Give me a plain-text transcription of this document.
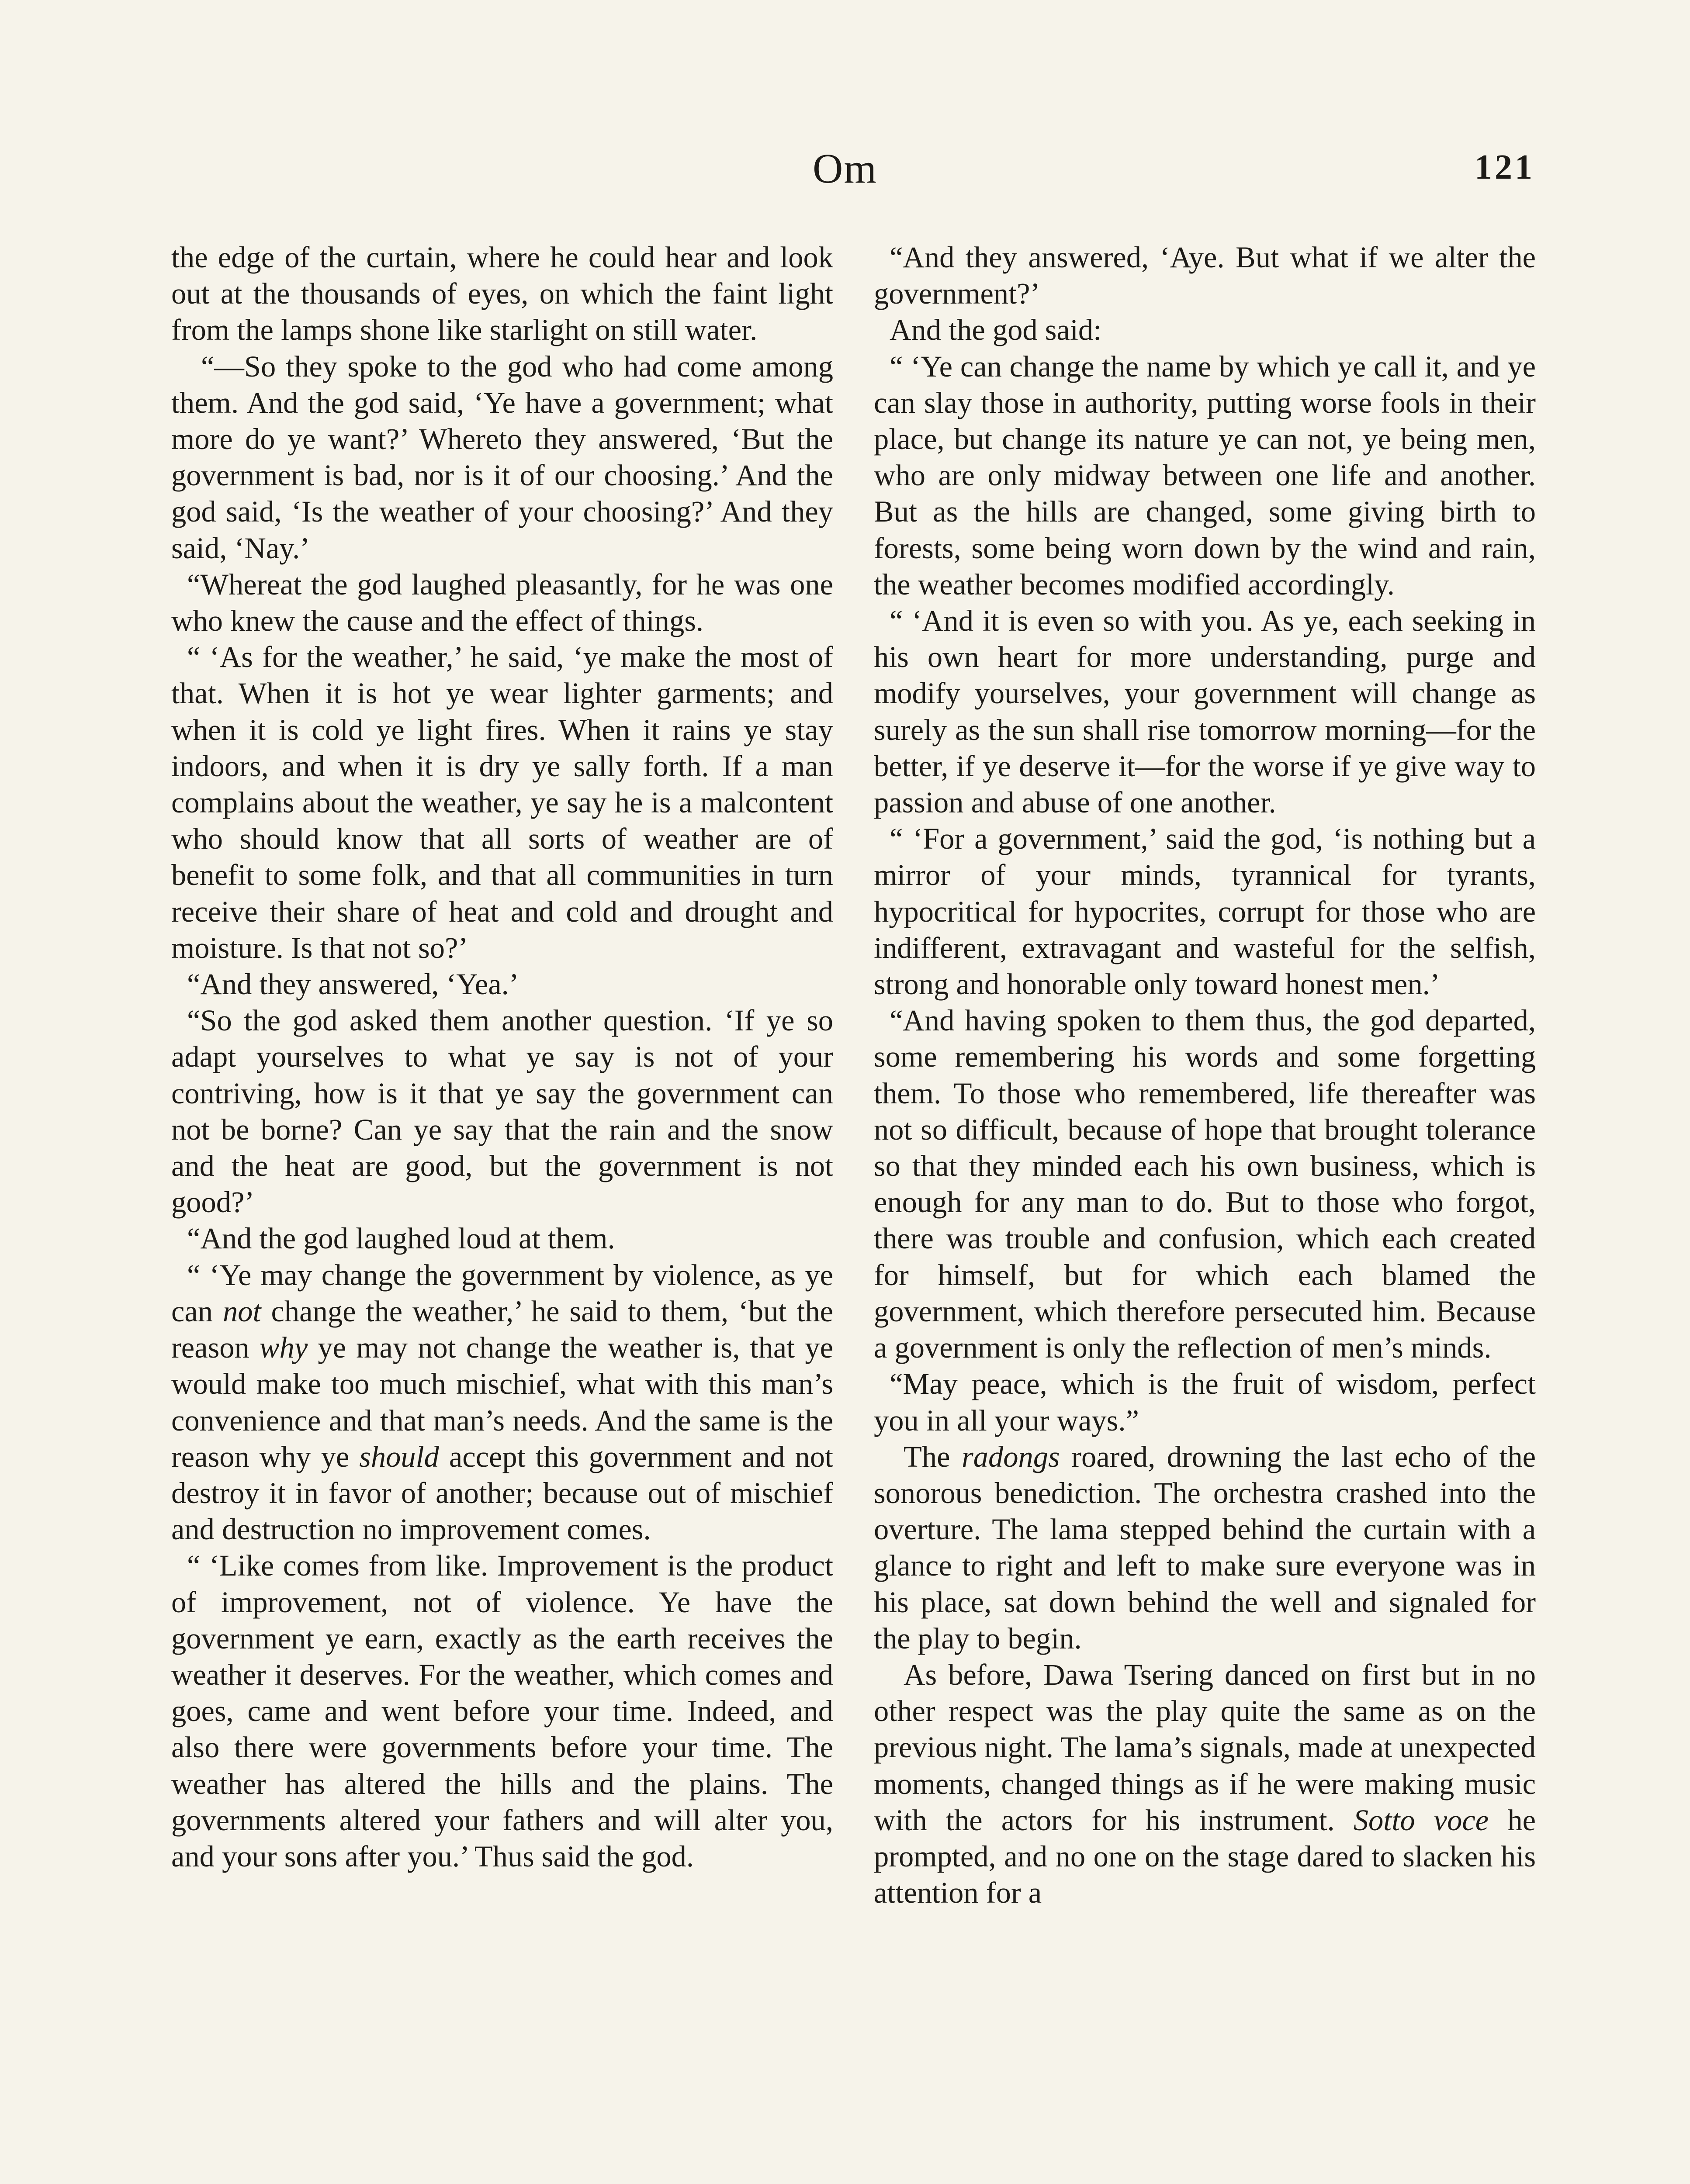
Om	121

the edge of the curtain, where he could hear and look out at the thousands of eyes, on which the faint light from the lamps shone like starlight on still water.

“—So they spoke to the god who had come among them. And the god said, ‘Ye have a government; what more do ye want?’ Whereto they answered, ‘But the government is bad, nor is it of our choosing.’ And the god said, ‘Is the weather of your choosing?’ And they said, ‘Nay.’

“Whereat the god laughed pleasantly, for he was one who knew the cause and the effect of things.

“ ‘As for the weather,’ he said, ‘ye make the most of that. When it is hot ye wear lighter garments; and when it is cold ye light fires. When it rains ye stay indoors, and when it is dry ye sally forth. If a man complains about the weather, ye say he is a malcontent who should know that all sorts of weather are of benefit to some folk, and that all communities in turn receive their share of heat and cold and drought and moisture. Is that not so?’

“And they answered, ‘Yea.’

“So the god asked them another question. ‘If ye so adapt yourselves to what ye say is not of your contriving, how is it that ye say the government can not be borne? Can ye say that the rain and the snow and the heat are good, but the government is not good?’

“And the god laughed loud at them.

“ ‘Ye may change the government by violence, as ye can not change the weather,’ he said to them, ‘but the reason why ye may not change the weather is, that ye would make too much mischief, what with this man’s convenience and that man’s needs. And the same is the reason why ye should accept this government and not destroy it in favor of another; because out of mischief and destruction no improvement comes.

“ ‘Like comes from like. Improvement is the product of improvement, not of violence. Ye have the government ye earn, exactly as the earth receives the weather it deserves. For the weather, which comes and goes, came and went before your time. Indeed, and also there were governments before your time. The weather has altered the hills and the plains. The governments altered your fathers and will alter you, and your sons after you.’ Thus said the god.

“And they answered, ‘Aye. But what if we alter the government?’

And the god said:

“ ‘Ye can change the name by which ye call it, and ye can slay those in authority, putting worse fools in their place, but change its nature ye can not, ye being men, who are only midway between one life and another. But as the hills are changed, some giving birth to forests, some being worn down by the wind and rain, the weather becomes modified accordingly.

“ ‘And it is even so with you. As ye, each seeking in his own heart for more understanding, purge and modify yourselves, your government will change as surely as the sun shall rise tomorrow morning—for the better, if ye deserve it—for the worse if ye give way to passion and abuse of one another.

“ ‘For a government,’ said the god, ‘is nothing but a mirror of your minds, tyrannical for tyrants, hypocritical for hypocrites, corrupt for those who are indifferent, extravagant and wasteful for the selfish, strong and honorable only toward honest men.’

“And having spoken to them thus, the god departed, some remembering his words and some forgetting them. To those who remembered, life thereafter was not so difficult, because of hope that brought tolerance so that they minded each his own business, which is enough for any man to do. But to those who forgot, there was trouble and confusion, which each created for himself, but for which each blamed the government, which therefore persecuted him. Because a government is only the reflection of men’s minds.

“May peace, which is the fruit of wisdom, perfect you in all your ways.”

The radongs roared, drowning the last echo of the sonorous benediction. The orchestra crashed into the overture. The lama stepped behind the curtain with a glance to right and left to make sure everyone was in his place, sat down behind the well and signaled for the play to begin.

As before, Dawa Tsering danced on first but in no other respect was the play quite the same as on the previous night. The lama’s signals, made at unexpected moments, changed things as if he were making music with the actors for his instrument. Sotto voce he prompted, and no one on the stage dared to slacken his attention for a
